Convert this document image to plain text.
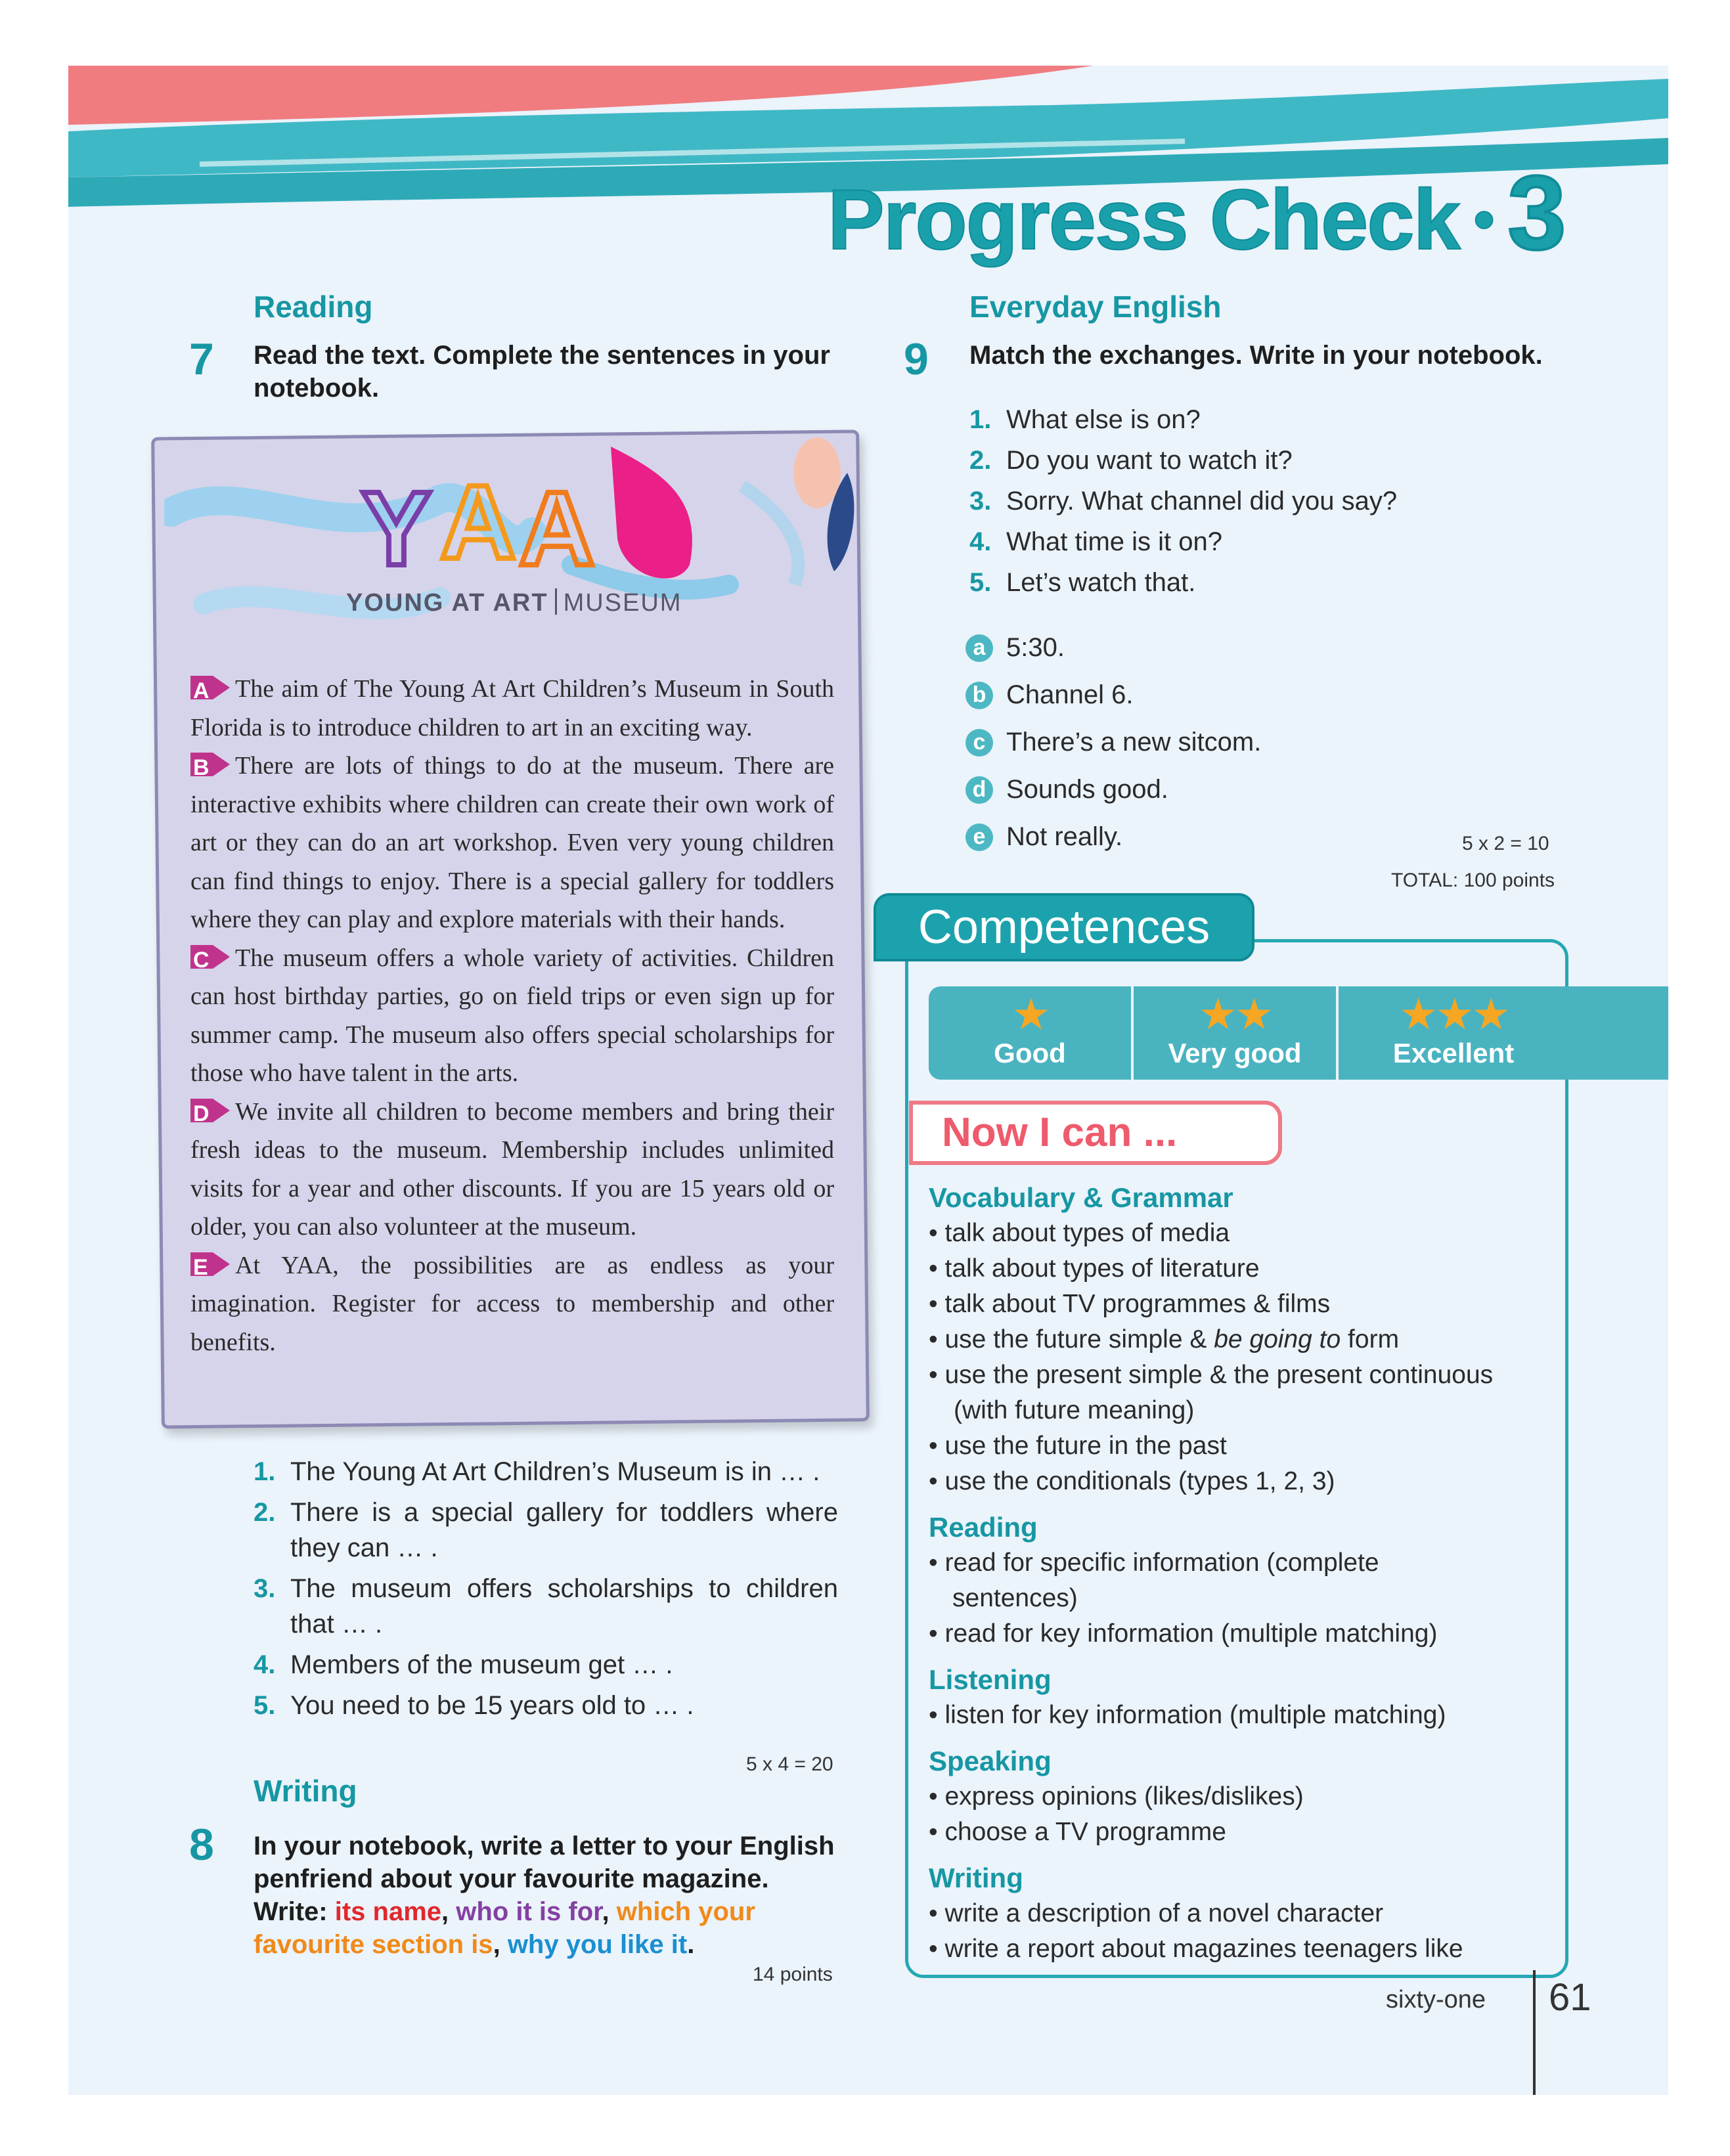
Progress Check • 3
Reading
7 Read the text. Complete the sentences in your
notebook.
Y A A
YOUNG AT ART MUSEUM

A The aim of The Young At Art Children’s Museum in South Florida is to introduce children to art in an exciting way.

B There are lots of things to do at the museum. There are interactive exhibits where children can create their own work of art or they can do an art workshop. Even very young children can find things to enjoy. There is a special gallery for toddlers where they can play and explore materials with their hands.

C The museum offers a whole variety of activities. Children can host birthday parties, go on field trips or even sign up for summer camp. The museum also offers special scholarships for those who have talent in the arts.

D We invite all children to become members and bring their fresh ideas to the museum. Membership includes unlimited visits for a year and other discounts. If you are 15 years old or older, you can also volunteer at the museum.

E At YAA, the possibilities are as endless as your imagination. Register for access to membership and other benefits.

1. The Young At Art Children’s Museum is in … .
2. There is a special gallery for toddlers where they can … .
3. The museum offers scholarships to children that … .
4. Members of the museum get … .
5. You need to be 15 years old to … .
5 x 4 = 20
Writing
8 In your notebook, write a letter to your English
penfriend about your favourite magazine.
Write: its name, who it is for, which your
favourite section is, why you like it.
14 points
Everyday English
9 Match the exchanges. Write in your notebook.
1. What else is on?
2. Do you want to watch it?
3. Sorry. What channel did you say?
4. What time is it on?
5. Let’s watch that.
a 5:30.
b Channel 6.
c There’s a new sitcom.
d Sounds good.
e Not really.	5 x 2 = 10
TOTAL: 100 points
Competences
★
Good
★★
Very good
★★★
Excellent
Now I can ...
Vocabulary & Grammar
• talk about types of media
• talk about types of literature
• talk about TV programmes & films
• use the future simple & be going to form
• use the present simple & the present continuous
(with future meaning)
• use the future in the past
• use the conditionals (types 1, 2, 3)
Reading
• read for specific information (complete
sentences)
• read for key information (multiple matching)
Listening
• listen for key information (multiple matching)
Speaking
• express opinions (likes/dislikes)
• choose a TV programme
Writing
• write a description of a novel character
• write a report about magazines teenagers like
sixty-one 61
